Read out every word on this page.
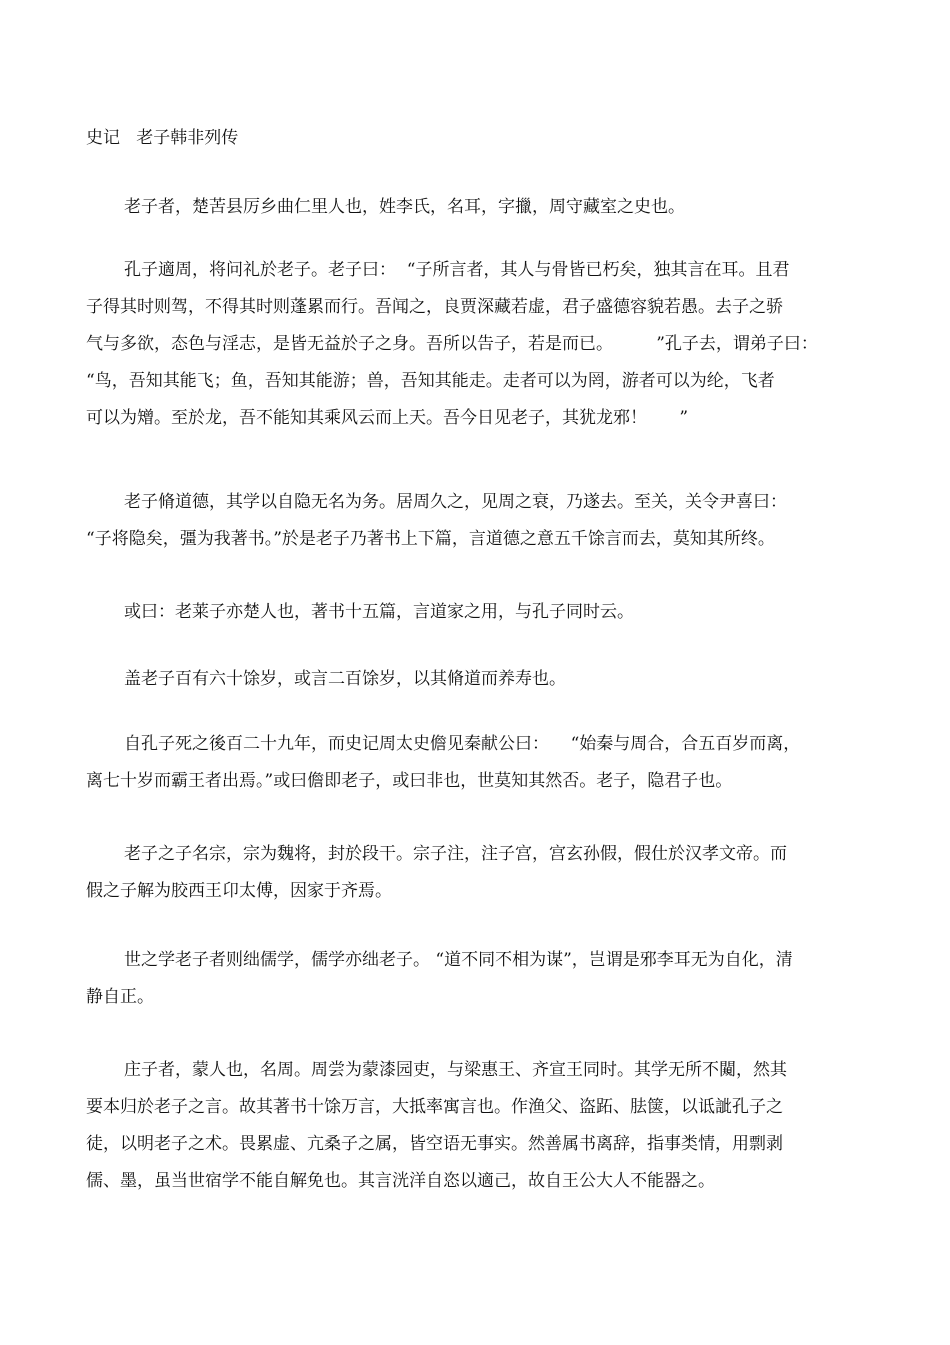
史记   老子韩非列传
老子者，楚苦县厉乡曲仁里人也，姓李氏，名耳，字擸，周守藏室之史也。
孔子適周，将问礼於老子。老子曰：  “子所言者，其人与骨皆已朽矣，独其言在耳。且君
子得其时则驾，不得其时则蓬累而行。吾闻之，良贾深藏若虚，君子盛德容貌若愚。去子之骄
气与多欲，态色与淫志，是皆无益於子之身。吾所以告子，若是而已。        ”孔子去，谓弟子曰：
“鸟，吾知其能飞；鱼，吾知其能游；兽，吾知其能走。走者可以为罔，游者可以为纶，飞者
可以为矰。至於龙，吾不能知其乘风云而上天。吾今日见老子，其犹龙邪！      ”
老子脩道德，其学以自隐无名为务。居周久之，见周之衰，乃遂去。至关，关令尹喜曰：
“子将隐矣，彊为我著书。”於是老子乃著书上下篇，言道德之意五千馀言而去，莫知其所终。
或曰：老莱子亦楚人也，著书十五篇，言道家之用，与孔子同时云。
盖老子百有六十馀岁，或言二百馀岁，以其脩道而养寿也。
自孔子死之後百二十九年，而史记周太史儋见秦献公曰：    “始秦与周合，合五百岁而离，
离七十岁而霸王者出焉。”或曰儋即老子，或曰非也，世莫知其然否。老子，隐君子也。
老子之子名宗，宗为魏将，封於段干。宗子注，注子宫，宫玄孙假，假仕於汉孝文帝。而
假之子解为胶西王卬太傅，因家于齐焉。
世之学老子者则绌儒学，儒学亦绌老子。 “道不同不相为谋”，岂谓是邪李耳无为自化，清
静自正。
庄子者，蒙人也，名周。周尝为蒙漆园吏，与梁惠王、齐宣王同时。其学无所不闚，然其
要本归於老子之言。故其著书十馀万言，大抵率寓言也。作渔父、盗跖、胠箧，以诋訿孔子之
徒，以明老子之术。畏累虚、亢桑子之属，皆空语无事实。然善属书离辞，指事类情，用剽剥
儒、墨，虽当世宿学不能自解免也。其言洸洋自恣以適己，故自王公大人不能器之。
